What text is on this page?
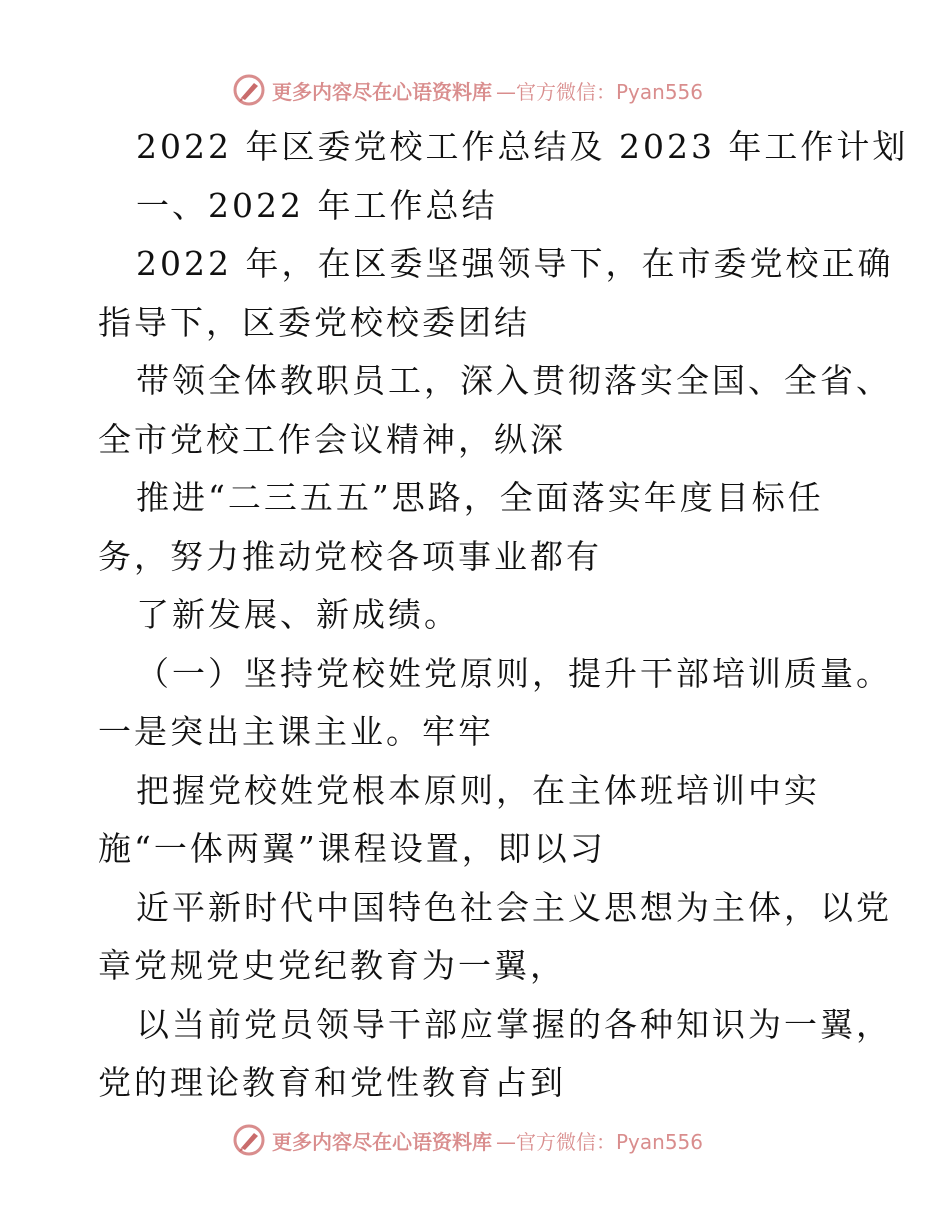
更多内容尽在心语资料库 —官方微信：Pyan556
2022 年区委党校工作总结及 2023 年工作计划
一、2022 年工作总结
2022 年，在区委坚强领导下，在市委党校正确
指导下，区委党校校委团结
带领全体教职员工，深入贯彻落实全国、全省、
全市党校工作会议精神，纵深
推进“二三五五”思路，全面落实年度目标任
务，努力推动党校各项事业都有
了新发展、新成绩。
（一）坚持党校姓党原则，提升干部培训质量。
一是突出主课主业。牢牢
把握党校姓党根本原则，在主体班培训中实
施“一体两翼”课程设置，即以习
近平新时代中国特色社会主义思想为主体，以党
章党规党史党纪教育为一翼，
以当前党员领导干部应掌握的各种知识为一翼，
党的理论教育和党性教育占到
更多内容尽在心语资料库 —官方微信：Pyan556
